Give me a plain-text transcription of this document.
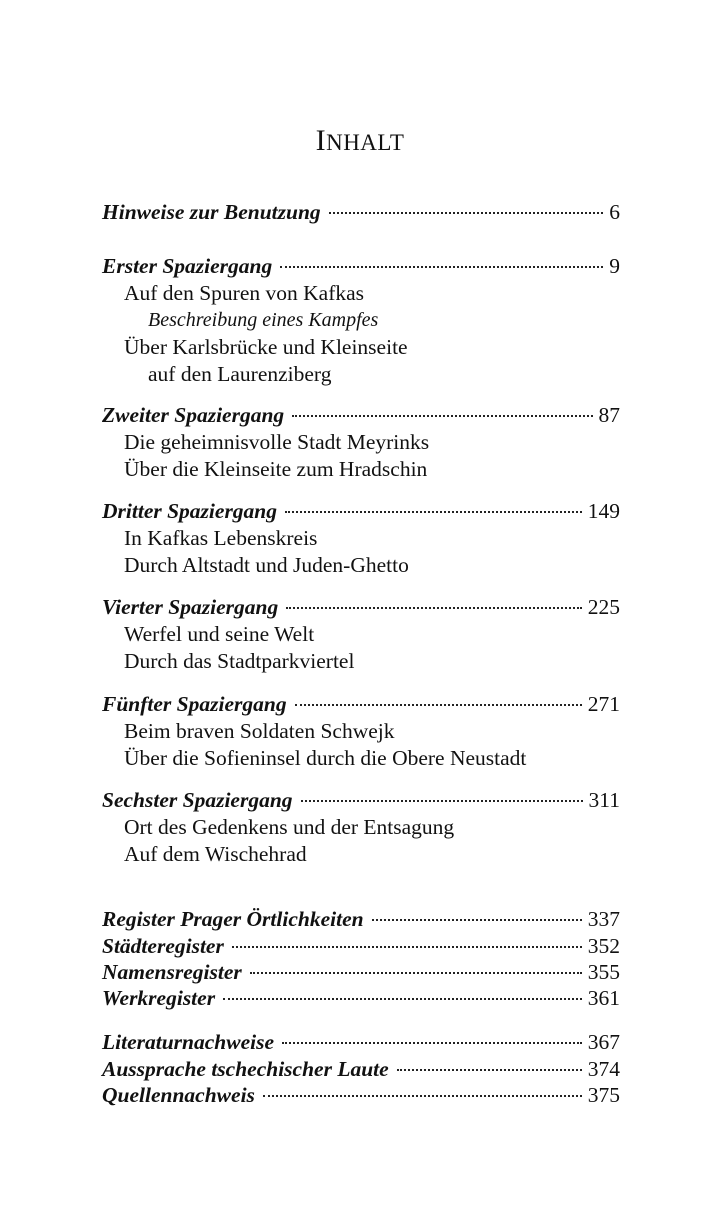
INHALT
Hinweise zur Benutzung	6
Erster Spaziergang	9
Auf den Spuren von Kafkas
Beschreibung eines Kampfes
Über Karlsbrücke und Kleinseite
auf den Laurenziberg
Zweiter Spaziergang	87
Die geheimnisvolle Stadt Meyrinks
Über die Kleinseite zum Hradschin
Dritter Spaziergang	149
In Kafkas Lebenskreis
Durch Altstadt und Juden-Ghetto
Vierter Spaziergang	225
Werfel und seine Welt
Durch das Stadtparkviertel
Fünfter Spaziergang	271
Beim braven Soldaten Schwejk
Über die Sofieninsel durch die Obere Neustadt
Sechster Spaziergang	311
Ort des Gedenkens und der Entsagung
Auf dem Wischehrad
Register Prager Örtlichkeiten	337
Städteregister	352
Namensregister	355
Werkregister	361
Literaturnachweise	367
Aussprache tschechischer Laute	374
Quellennachweis	375
